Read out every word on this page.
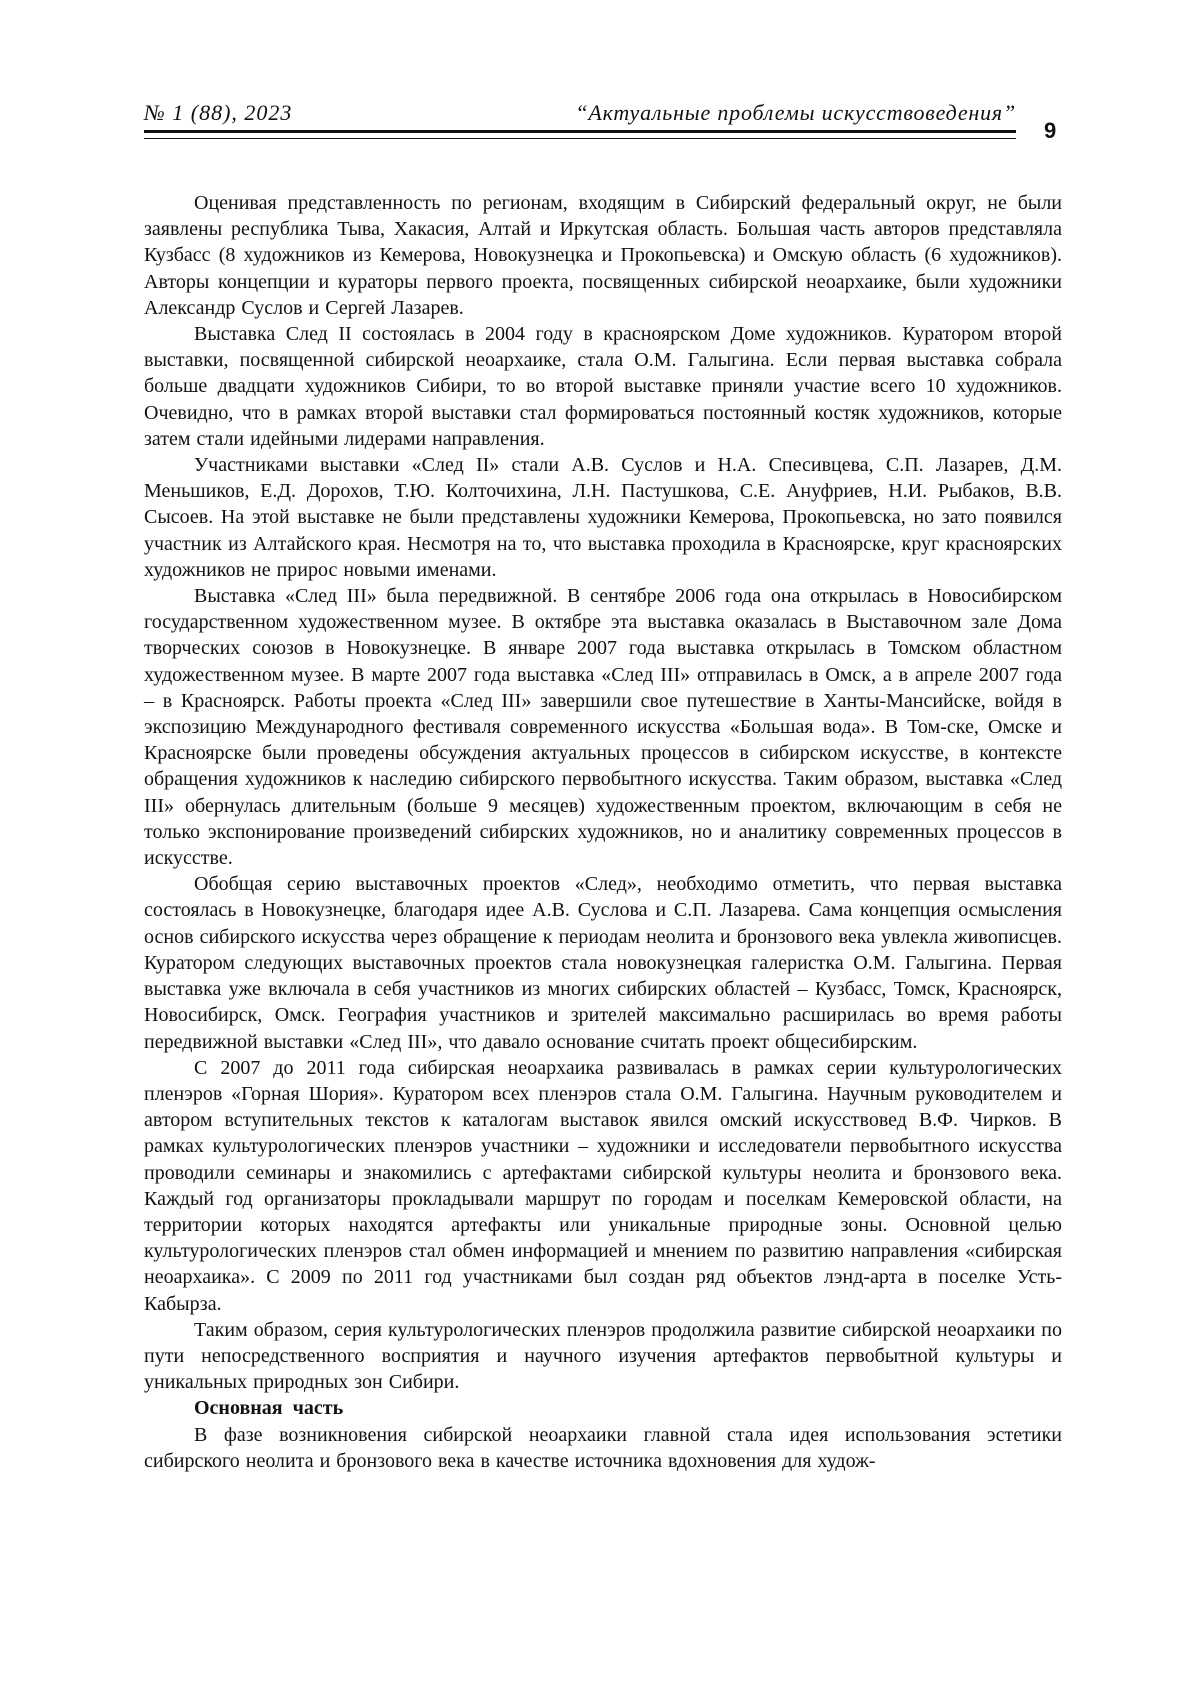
№ 1 (88), 2023	“Актуальные проблемы искусствоведения”
9

Оценивая представленность по регионам, входящим в Сибирский федеральный округ, не были заявлены республика Тыва, Хакасия, Алтай и Иркутская область. Большая часть авторов представляла Кузбасс (8 художников из Кемерова, Новокузнецка и Прокопьевска) и Омскую область (6 художников). Авторы концепции и кураторы первого проекта, посвя­щенных сибирской неоархаике, были художники Александр Суслов и Сергей Лазарев.

Выставка След II состоялась в 2004 году в красноярском Доме художников. Курато­ром второй выставки, посвященной сибирской неоархаике, стала О.М. Галыгина. Если пер­вая выставка собрала больше двадцати художников Сибири, то во второй выставке приняли участие всего 10 художников. Очевидно, что в рамках второй выставки стал формировать­ся постоянный костяк художников, которые затем стали идейными лидерами направления.

Участниками выставки «След II» стали А.В. Суслов и Н.А. Спесивцева, С.П. Лаза­рев, Д.М. Меньшиков, Е.Д. Дорохов, Т.Ю. Колточихина, Л.Н. Пастушкова, С.Е. Ануфриев, Н.И. Рыбаков, В.В. Сысоев. На этой выставке не были представлены художники Кемерова, Прокопьевска, но зато появился участник из Алтайского края. Несмотря на то, что выс­тавка проходила в Красноярске, круг красноярских художников не прирос новыми именами.

Выставка «След III» была передвижной. В сентябре 2006 года она открылась в Новосибирском государственном художественном музее. В октябре эта выставка оказалась в Выставочном зале Дома творческих союзов в Новокузнецке. В январе 2007 года выс­тавка открылась в Томском областном художественном музее. В марте 2007 года выстав­ка «След III» отправилась в Омск, а в апреле 2007 года – в Красноярск. Работы проекта «След III» завершили свое путешествие в Ханты-Мансийске, войдя в экспозицию Между­народного фестиваля современного искусства «Большая вода». В Том-ске, Омске и Крас­ноярске были проведены обсуждения актуальных процессов в сибирском искусстве, в кон­тексте обращения художников к наследию сибирского первобытного искусства. Таким об­разом, выставка «След III» обернулась длительным (больше 9 месяцев) художественным проектом, включающим в себя не только экспонирование произведений сибирских художни­ков, но и аналитику современных процессов в искусстве.

Обобщая серию выставочных проектов «След», необходимо отметить, что первая выставка состоялась в Новокузнецке, благодаря идее А.В. Суслова и С.П. Лазарева. Сама концепция осмысления основ сибирского искусства через обращение к периодам неолита и бронзового века увлекла живописцев. Куратором следующих выставочных проектов стала новокузнецкая галеристка О.М. Галыгина. Первая выставка уже включала в себя участни­ков из многих сибирских областей – Кузбасс, Томск, Красноярск, Новосибирск, Омск. География участников и зрителей максимально расширилась во время работы передвижной выставки «След III», что давало основание считать проект общесибирским.

С 2007 до 2011 года сибирская неоархаика развивалась в рамках серии культурологи­ческих пленэров «Горная Шория». Куратором всех пленэров стала О.М. Галыгина. Науч­ным руководителем и автором вступительных текстов к каталогам выставок явился ом­ский искусствовед В.Ф. Чирков. В рамках культурологических пленэров участники – худож­ники и исследователи первобытного искусства проводили семинары и знакомились с арте­фактами сибирской культуры неолита и бронзового века. Каждый год организаторы прокла­дывали маршрут по городам и поселкам Кемеровской области, на территории которых находятся артефакты или уникальные природные зоны. Основной целью культурологических пленэров стал обмен информацией и мнением по развитию направления «сибирская неоар­хаика». С 2009 по 2011 год участниками был создан ряд объектов лэнд-арта в поселке Усть-Кабырза.

Таким образом, серия культурологических пленэров продолжила развитие сибирской неоархаики по пути непосредственного восприятия и научного изучения артефактов перво­бытной культуры и уникальных природных зон Сибири.

Основная часть

В фазе возникновения сибирской неоархаики главной стала идея использования эсте­тики сибирского неолита и бронзового века в качестве источника вдохновения для худож-
